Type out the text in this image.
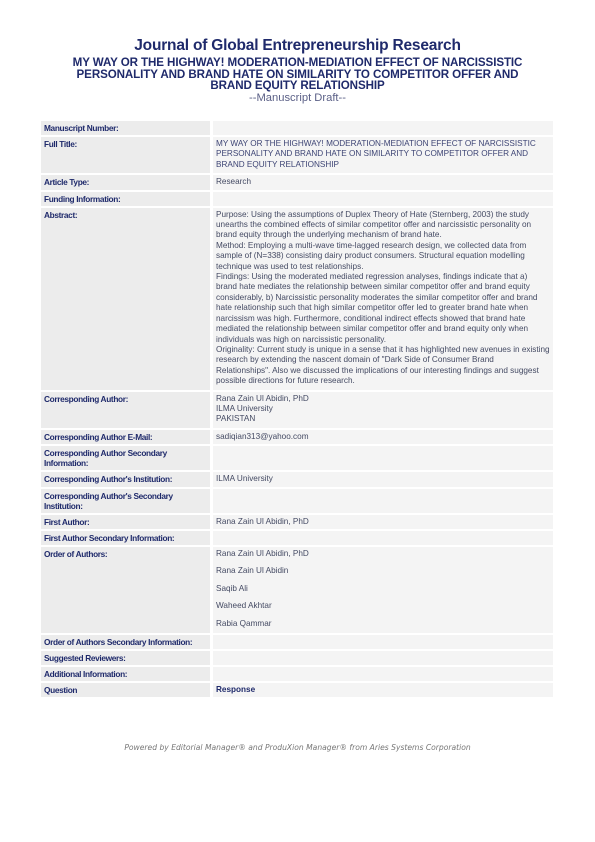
Journal of Global Entrepreneurship Research
MY WAY OR THE HIGHWAY! MODERATION-MEDIATION EFFECT OF NARCISSISTIC PERSONALITY AND BRAND HATE ON SIMILARITY TO COMPETITOR OFFER AND BRAND EQUITY RELATIONSHIP
--Manuscript Draft--
Manuscript Number:	
Full Title:	MY WAY OR THE HIGHWAY! MODERATION-MEDIATION EFFECT OF NARCISSISTIC PERSONALITY AND BRAND HATE ON SIMILARITY TO COMPETITOR OFFER AND BRAND EQUITY RELATIONSHIP
Article Type:	Research
Funding Information:	
Abstract:	Purpose: Using the assumptions of Duplex Theory of Hate (Sternberg, 2003) the study unearths the combined effects of similar competitor offer and narcissistic personality on brand equity through the underlying mechanism of brand hate.
Method: Employing a multi-wave time-lagged research design, we collected data from sample of (N=338) consisting dairy product consumers. Structural equation modelling technique was used to test relationships.
Findings: Using the moderated mediated regression analyses, findings indicate that a) brand hate mediates the relationship between similar competitor offer and brand equity considerably, b) Narcissistic personality moderates the similar competitor offer and brand hate relationship such that high similar competitor offer led to greater brand hate when narcissism was high. Furthermore, conditional indirect effects showed that brand hate mediated the relationship between similar competitor offer and brand equity only when individuals was high on narcissistic personality.
Originality: Current study is unique in a sense that it has highlighted new avenues in existing research by extending the nascent domain of "Dark Side of Consumer Brand Relationships". Also we discussed the implications of our interesting findings and suggest possible directions for future research.

Corresponding Author:	Rana Zain Ul Abidin, PhD
ILMA University
PAKISTAN

Corresponding Author E-Mail:	sadiqian313@yahoo.com
Corresponding Author Secondary Information:	
Corresponding Author's Institution:	ILMA University
Corresponding Author's Secondary Institution:	
First Author:	Rana Zain Ul Abidin, PhD
First Author Secondary Information:	
Order of Authors:	Rana Zain Ul Abidin, PhD
Rana Zain Ul Abidin
Saqib Ali
Waheed Akhtar
Rabia Qammar

Order of Authors Secondary Information:	
Suggested Reviewers:	
Additional Information:	
Question	Response
Powered by Editorial Manager® and ProduXion Manager® from Aries Systems Corporation
